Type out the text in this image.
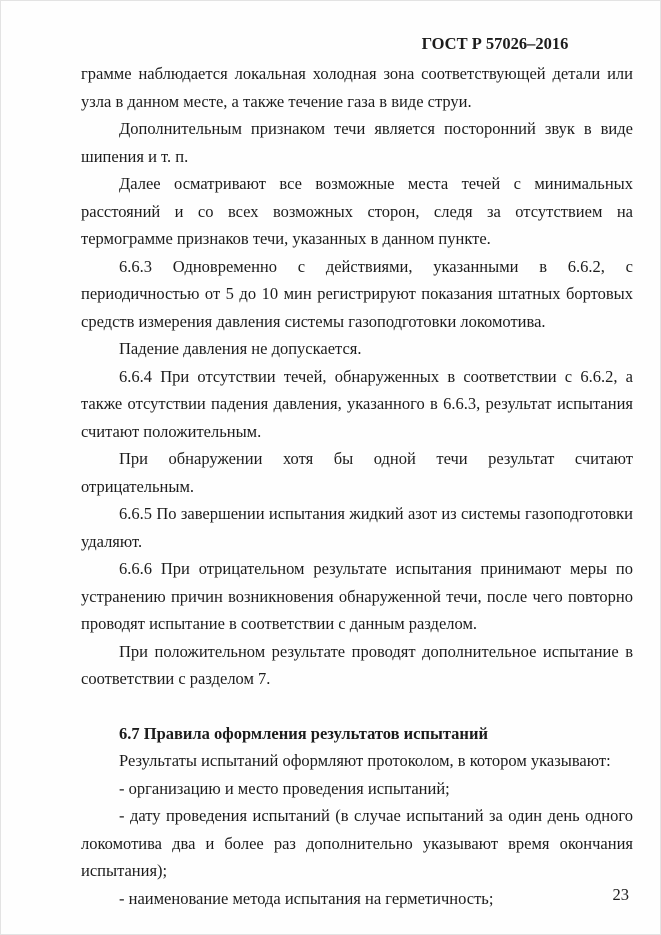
ГОСТ Р 57026–2016

грамме наблюдается локальная холодная зона соответствующей детали или узла в данном месте, а также течение газа в виде струи.

Дополнительным признаком течи является посторонний звук в виде шипения и т. п.

Далее осматривают все возможные места течей с минимальных расстояний и со всех возможных сторон, следя за отсутствием на термограмме признаков течи, указанных в данном пункте.

6.6.3 Одновременно с действиями, указанными в 6.6.2, с периодичностью от 5 до 10 мин регистрируют показания штатных бортовых средств измерения давления системы газоподготовки локомотива.

Падение давления не допускается.

6.6.4 При отсутствии течей, обнаруженных в соответствии с 6.6.2, а также отсутствии падения давления, указанного в 6.6.3, результат испытания считают положительным.

При обнаружении хотя бы одной течи результат считают отрицательным.

6.6.5 По завершении испытания жидкий азот из системы газоподготовки удаляют.

6.6.6 При отрицательном результате испытания принимают меры по устранению причин возникновения обнаруженной течи, после чего повторно проводят испытание в соответствии с данным разделом.

При положительном результате проводят дополнительное испытание в соответствии с разделом 7.

6.7 Правила оформления результатов испытаний

Результаты испытаний оформляют протоколом, в котором указывают:

- организацию и место проведения испытаний;

- дату проведения испытаний (в случае испытаний за один день одного локомотива два и более раз дополнительно указывают время окончания испытания);

- наименование метода испытания на герметичность;	23
